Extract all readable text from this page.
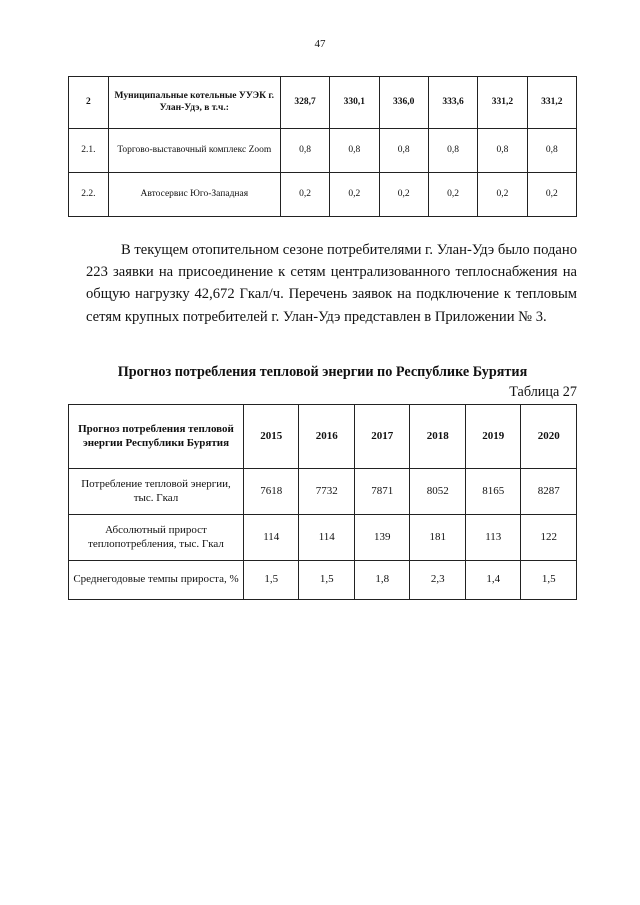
47
2	Муниципальные котельные УУЭК г. Улан-Удэ, в т.ч.:	328,7	330,1	336,0	333,6	331,2	331,2
2.1.	Торгово-выставочный комплекс Zoom	0,8	0,8	0,8	0,8	0,8	0,8
2.2.	Автосервис Юго-Западная	0,2	0,2	0,2	0,2	0,2	0,2
В текущем отопительном сезоне потребителями г. Улан-Удэ было подано 223 заявки на присоединение к сетям централизованного теплоснабжения на общую нагрузку 42,672 Гкал/ч. Перечень заявок на подключение к тепловым сетям крупных потребителей г. Улан-Удэ представлен в Приложении № 3.
Прогноз потребления тепловой энергии по Республике Бурятия
Таблица 27
Прогноз потребления тепловой энергии Республики Бурятия	2015	2016	2017	2018	2019	2020
Потребление тепловой энергии, тыс. Гкал	7618	7732	7871	8052	8165	8287
Абсолютный прирост теплопотребления, тыс. Гкал	114	114	139	181	113	122
Среднегодовые темпы прироста, %	1,5	1,5	1,8	2,3	1,4	1,5
